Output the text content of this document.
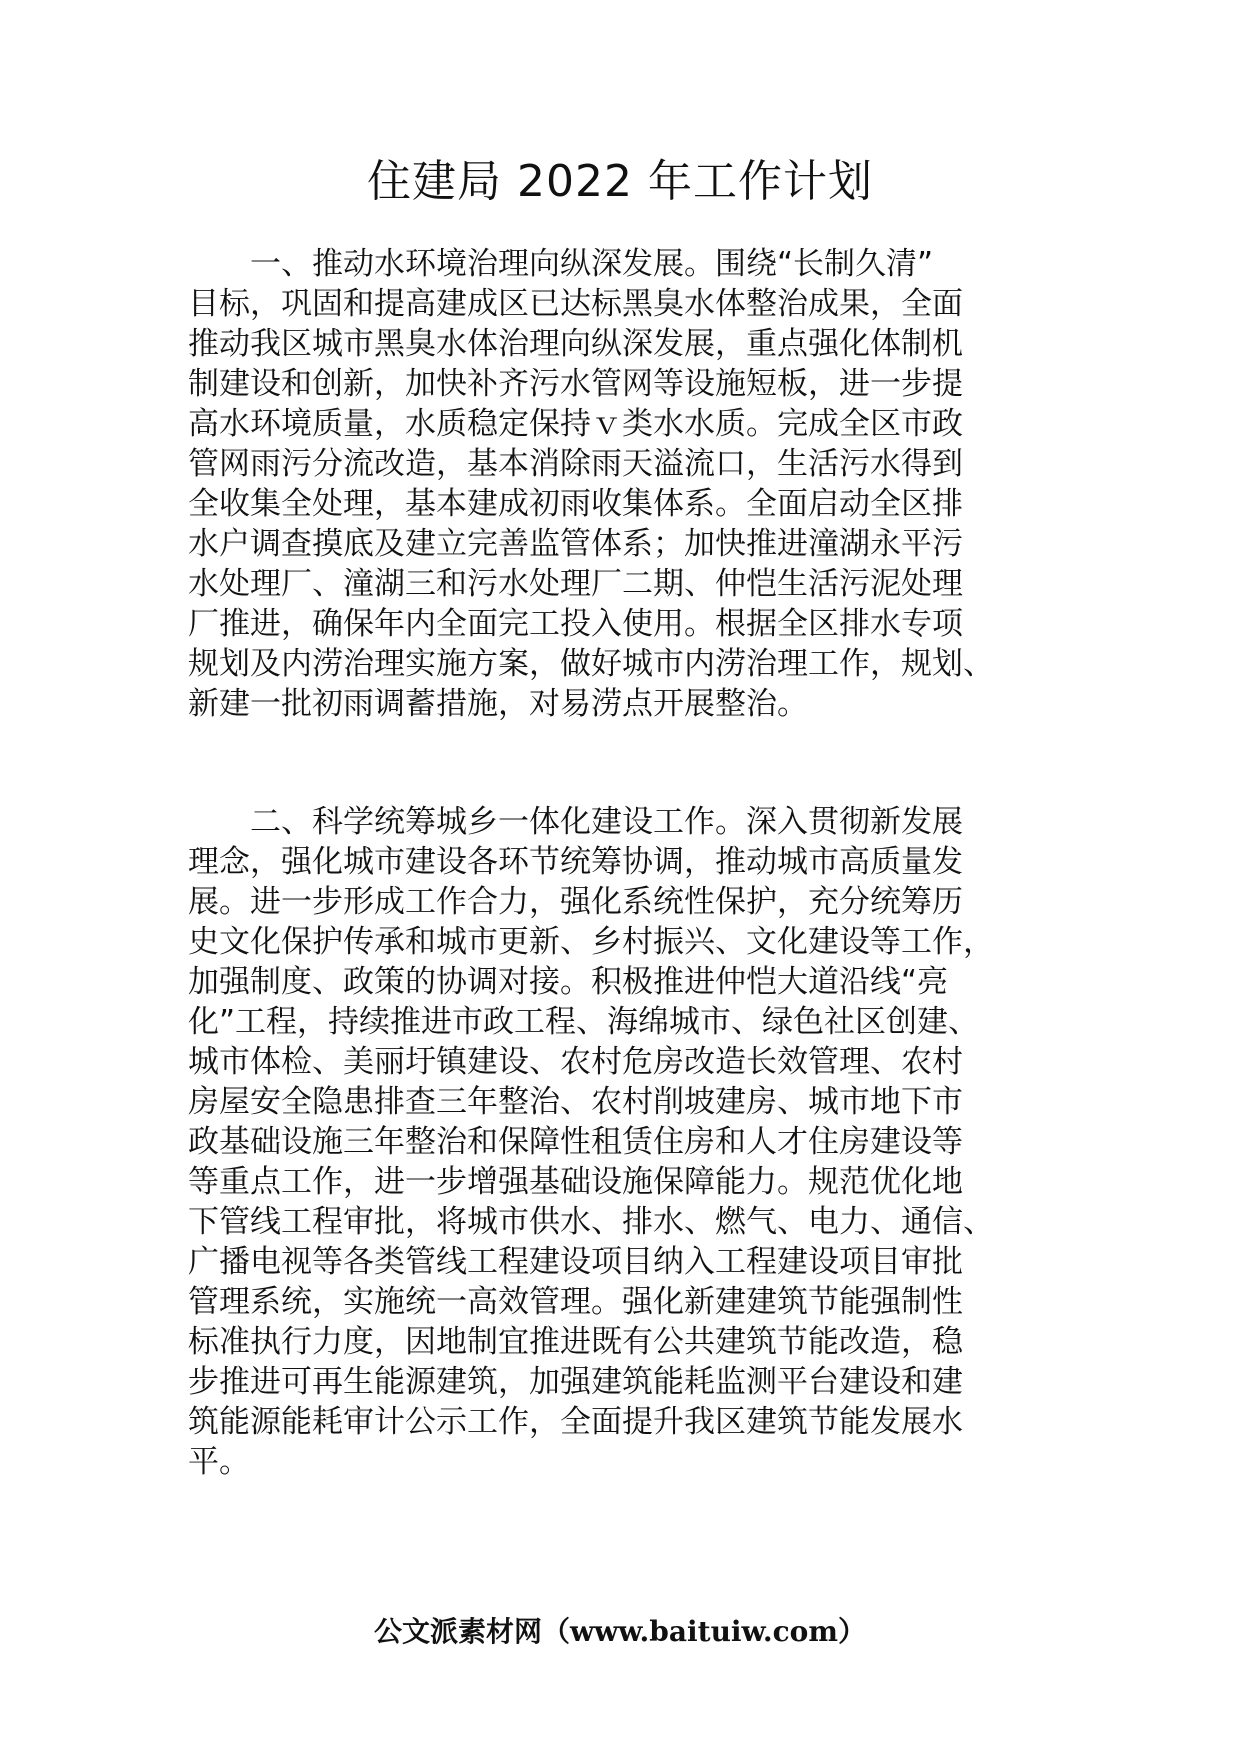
住建局 2022 年工作计划

　　一、推动水环境治理向纵深发展。围绕“长制久清”
目标，巩固和提高建成区已达标黑臭水体整治成果，全面
推动我区城市黑臭水体治理向纵深发展，重点强化体制机
制建设和创新，加快补齐污水管网等设施短板，进一步提
高水环境质量，水质稳定保持ｖ类水水质。完成全区市政
管网雨污分流改造，基本消除雨天溢流口，生活污水得到
全收集全处理，基本建成初雨收集体系。全面启动全区排
水户调查摸底及建立完善监管体系；加快推进潼湖永平污
水处理厂、潼湖三和污水处理厂二期、仲恺生活污泥处理
厂推进，确保年内全面完工投入使用。根据全区排水专项
规划及内涝治理实施方案，做好城市内涝治理工作，规划、
新建一批初雨调蓄措施，对易涝点开展整治。

　　二、科学统筹城乡一体化建设工作。深入贯彻新发展
理念，强化城市建设各环节统筹协调，推动城市高质量发
展。进一步形成工作合力，强化系统性保护，充分统筹历
史文化保护传承和城市更新、乡村振兴、文化建设等工作，
加强制度、政策的协调对接。积极推进仲恺大道沿线“亮
化”工程，持续推进市政工程、海绵城市、绿色社区创建、
城市体检、美丽圩镇建设、农村危房改造长效管理、农村
房屋安全隐患排查三年整治、农村削坡建房、城市地下市
政基础设施三年整治和保障性租赁住房和人才住房建设等
等重点工作，进一步增强基础设施保障能力。规范优化地
下管线工程审批，将城市供水、排水、燃气、电力、通信、
广播电视等各类管线工程建设项目纳入工程建设项目审批
管理系统，实施统一高效管理。强化新建建筑节能强制性
标准执行力度，因地制宜推进既有公共建筑节能改造，稳
步推进可再生能源建筑，加强建筑能耗监测平台建设和建
筑能源能耗审计公示工作，全面提升我区建筑节能发展水
平。

公文派素材网（www.baituiw.com）
